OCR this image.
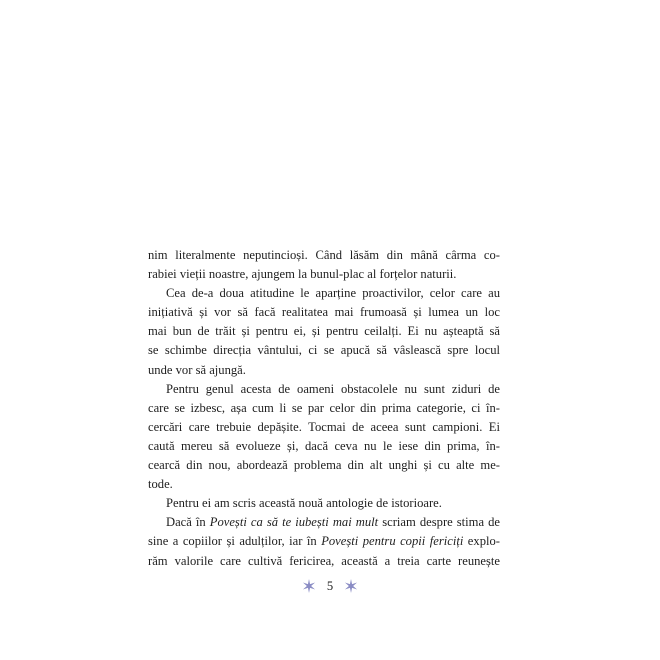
nim literalmente neputincioși. Când lăsăm din mână cârma co-
rabiei vieții noastre, ajungem la bunul-plac al forțelor naturii.
Cea de-a doua atitudine le aparține proactivilor, celor care au
inițiativă și vor să facă realitatea mai frumoasă și lumea un loc
mai bun de trăit și pentru ei, și pentru ceilalți. Ei nu așteaptă să
se schimbe direcția vântului, ci se apucă să vâslească spre locul
unde vor să ajungă.
Pentru genul acesta de oameni obstacolele nu sunt ziduri de
care se izbesc, așa cum li se par celor din prima categorie, ci în-
cercări care trebuie depășite. Tocmai de aceea sunt campioni. Ei
caută mereu să evolueze și, dacă ceva nu le iese din prima, în-
cearcă din nou, abordează problema din alt unghi și cu alte me-
tode.
Pentru ei am scris această nouă antologie de istorioare.
Dacă în Povești ca să te iubești mai mult scriam despre stima de
sine a copiilor și adulților, iar în Povești pentru copii fericiți explo-
răm valorile care cultivă fericirea, această a treia carte reunește
5
